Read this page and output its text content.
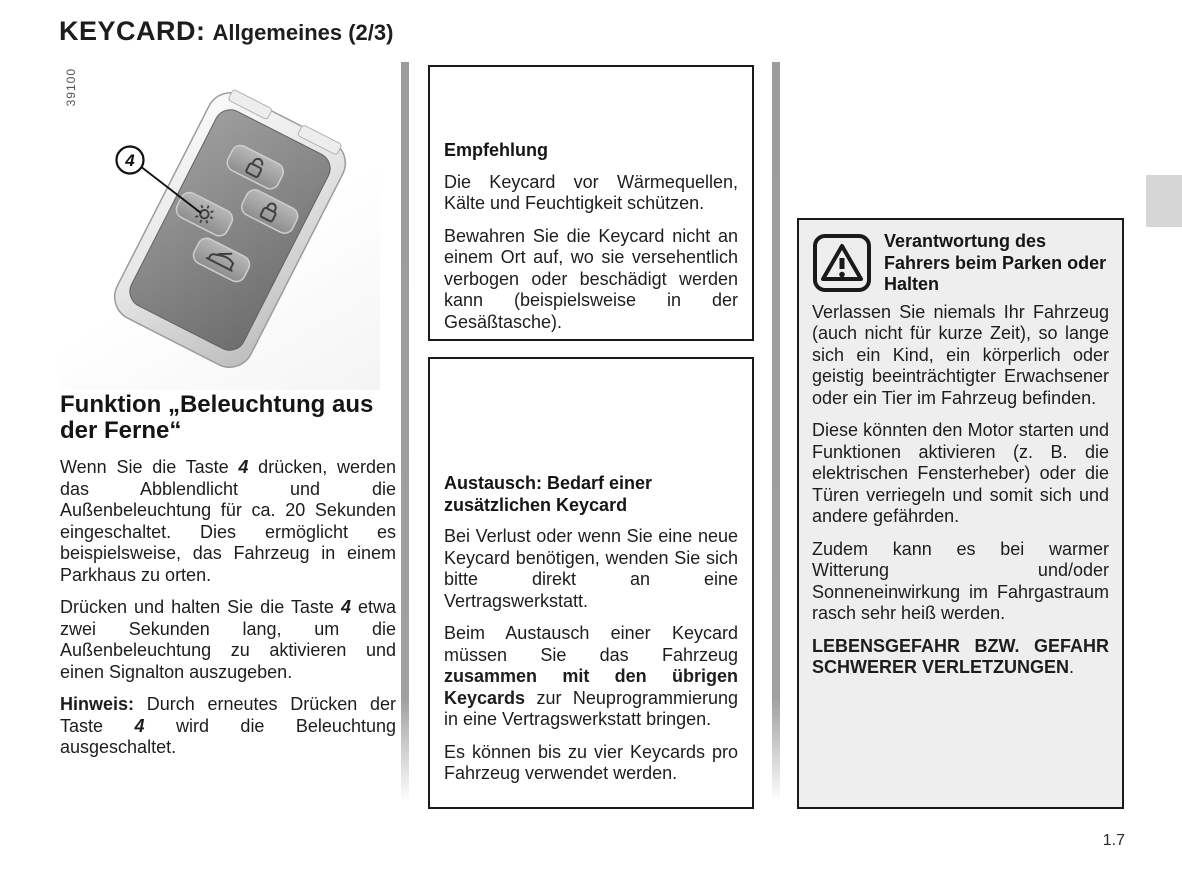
KEYCARD: Allgemeines (2/3)
4
39100
Funktion „Beleuchtung aus der Ferne“

Wenn Sie die Taste 4 drücken, werden das Abblendlicht und die Außenbeleuchtung für ca. 20 Sekunden eingeschaltet. Dies ermöglicht es beispielsweise, das Fahrzeug in einem Parkhaus zu orten.

Drücken und halten Sie die Taste 4 etwa zwei Sekunden lang, um die Außenbeleuchtung zu aktivieren und einen Signalton auszugeben.

Hinweis: Durch erneutes Drücken der Taste 4 wird die Beleuchtung ausgeschaltet.

Empfehlung

Die Keycard vor Wärmequellen, Kälte und Feuchtigkeit schützen.

Bewahren Sie die Keycard nicht an einem Ort auf, wo sie versehentlich verbogen oder beschädigt werden kann (beispielsweise in der Gesäßtasche).

Austausch: Bedarf einer zusätzlichen Keycard

Bei Verlust oder wenn Sie eine neue Keycard benötigen, wenden Sie sich bitte direkt an eine Vertragswerkstatt.

Beim Austausch einer Keycard müssen Sie das Fahrzeug zusammen mit den übrigen Keycards zur Neuprogrammierung in eine Vertragswerkstatt bringen.

Es können bis zu vier Keycards pro Fahrzeug verwendet werden.

Verantwortung des Fahrers beim Parken oder Halten

Verlassen Sie niemals Ihr Fahrzeug (auch nicht für kurze Zeit), so lange sich ein Kind, ein körperlich oder geistig beeinträchtigter Erwachsener oder ein Tier im Fahrzeug befinden.

Diese könnten den Motor starten und Funktionen aktivieren (z. B. die elektrischen Fensterheber) oder die Türen verriegeln und somit sich und andere gefährden.

Zudem kann es bei warmer Witterung und/oder Sonneneinwirkung im Fahrgastraum rasch sehr heiß werden.

LEBENSGEFAHR BZW. GEFAHR SCHWERER VERLETZUNGEN.

1.7
